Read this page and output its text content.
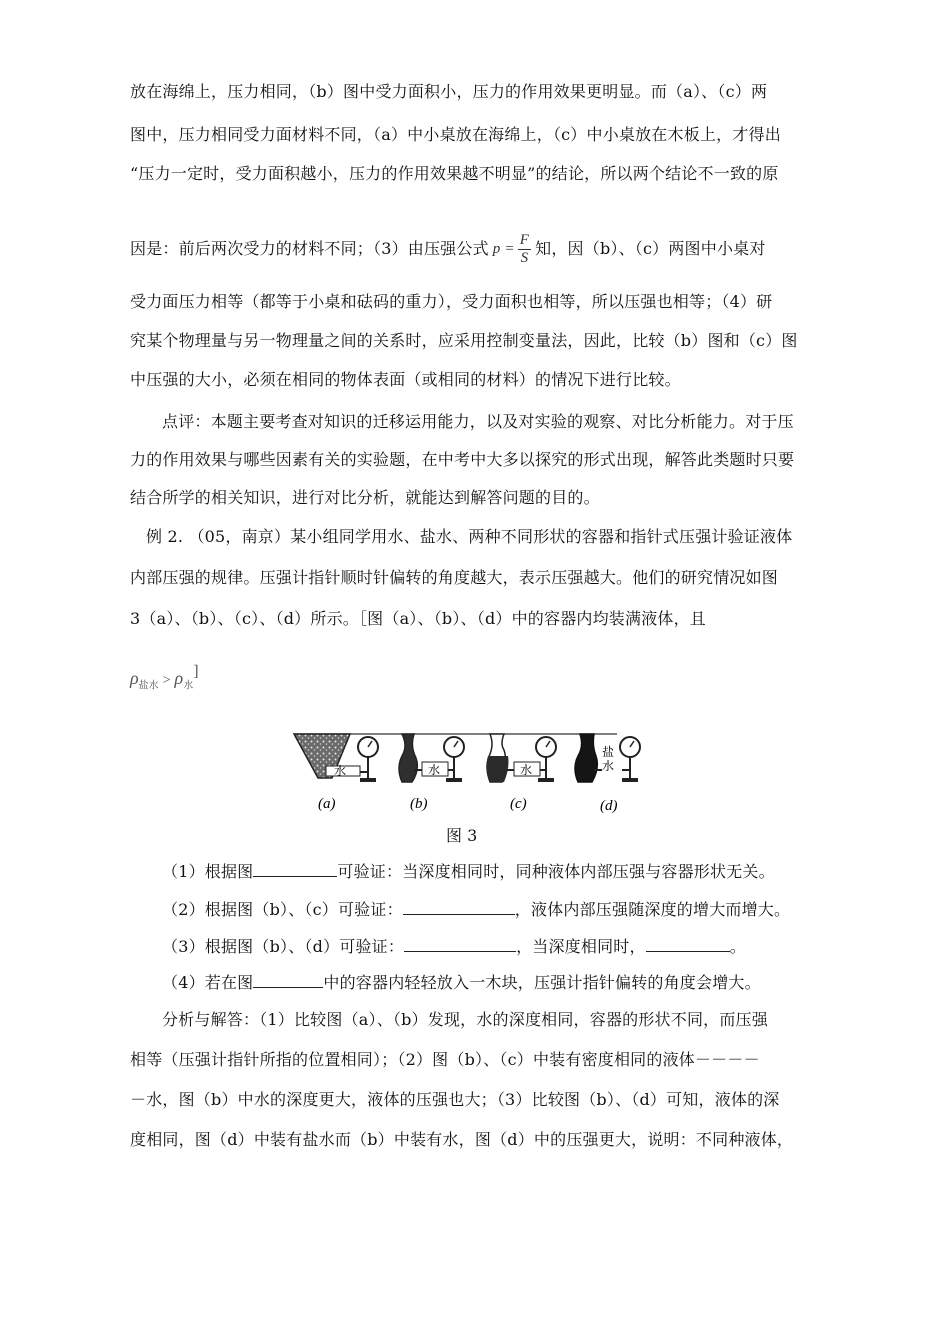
放在海绵上，压力相同，（b）图中受力面积小，压力的作用效果更明显。而（a）、（c）两
图中，压力相同受力面材料不同，（a）中小桌放在海绵上，（c）中小桌放在木板上，才得出
“压力一定时，受力面积越小，压力的作用效果越不明显”的结论，所以两个结论不一致的原
因是：前后两次受力的材料不同；（3）由压强公式 $p = \frac{F}{S}$ 知，因（b）、（c）两图中小桌对
受力面压力相等（都等于小桌和砝码的重力），受力面积也相等，所以压强也相等；（4）研
究某个物理量与另一物理量之间的关系时，应采用控制变量法，因此，比较（b）图和（c）图
中压强的大小，必须在相同的物体表面（或相同的材料）的情况下进行比较。
点评：本题主要考查对知识的迁移运用能力，以及对实验的观察、对比分析能力。对于压
力的作用效果与哪些因素有关的实验题，在中考中大多以探究的形式出现，解答此类题时只要
结合所学的相关知识，进行对比分析，就能达到解答问题的目的。
例 2. （05，南京）某小组同学用水、盐水、两种不同形状的容器和指针式压强计验证液体
内部压强的规律。压强计指针顺时针偏转的角度越大，表示压强越大。他们的研究情况如图
3（a）、（b）、（c）、（d）所示。［图（a）、（b）、（d）中的容器内均装满液体，且
$\rho_{盐水} > \rho_水$]
水	水	水
盐水
(a)	(b)	(c)	(d)
图 3
（1）根据图	可验证：当深度相同时，同种液体内部压强与容器形状无关。
（2）根据图（b）、（c）可验证：	，液体内部压强随深度的增大而增大。
（3）根据图（b）、（d）可验证：	，当深度相同时，	。
（4）若在图	中的容器内轻轻放入一木块，压强计指针偏转的角度会增大。
分析与解答：（1）比较图（a）、（b）发现，水的深度相同，容器的形状不同，而压强
相等（压强计指针所指的位置相同）；（2）图（b）、（c）中装有密度相同的液体－－－－
－水，图（b）中水的深度更大，液体的压强也大；（3）比较图（b）、（d）可知，液体的深
度相同，图（d）中装有盐水而（b）中装有水，图（d）中的压强更大，说明：不同种液体，
